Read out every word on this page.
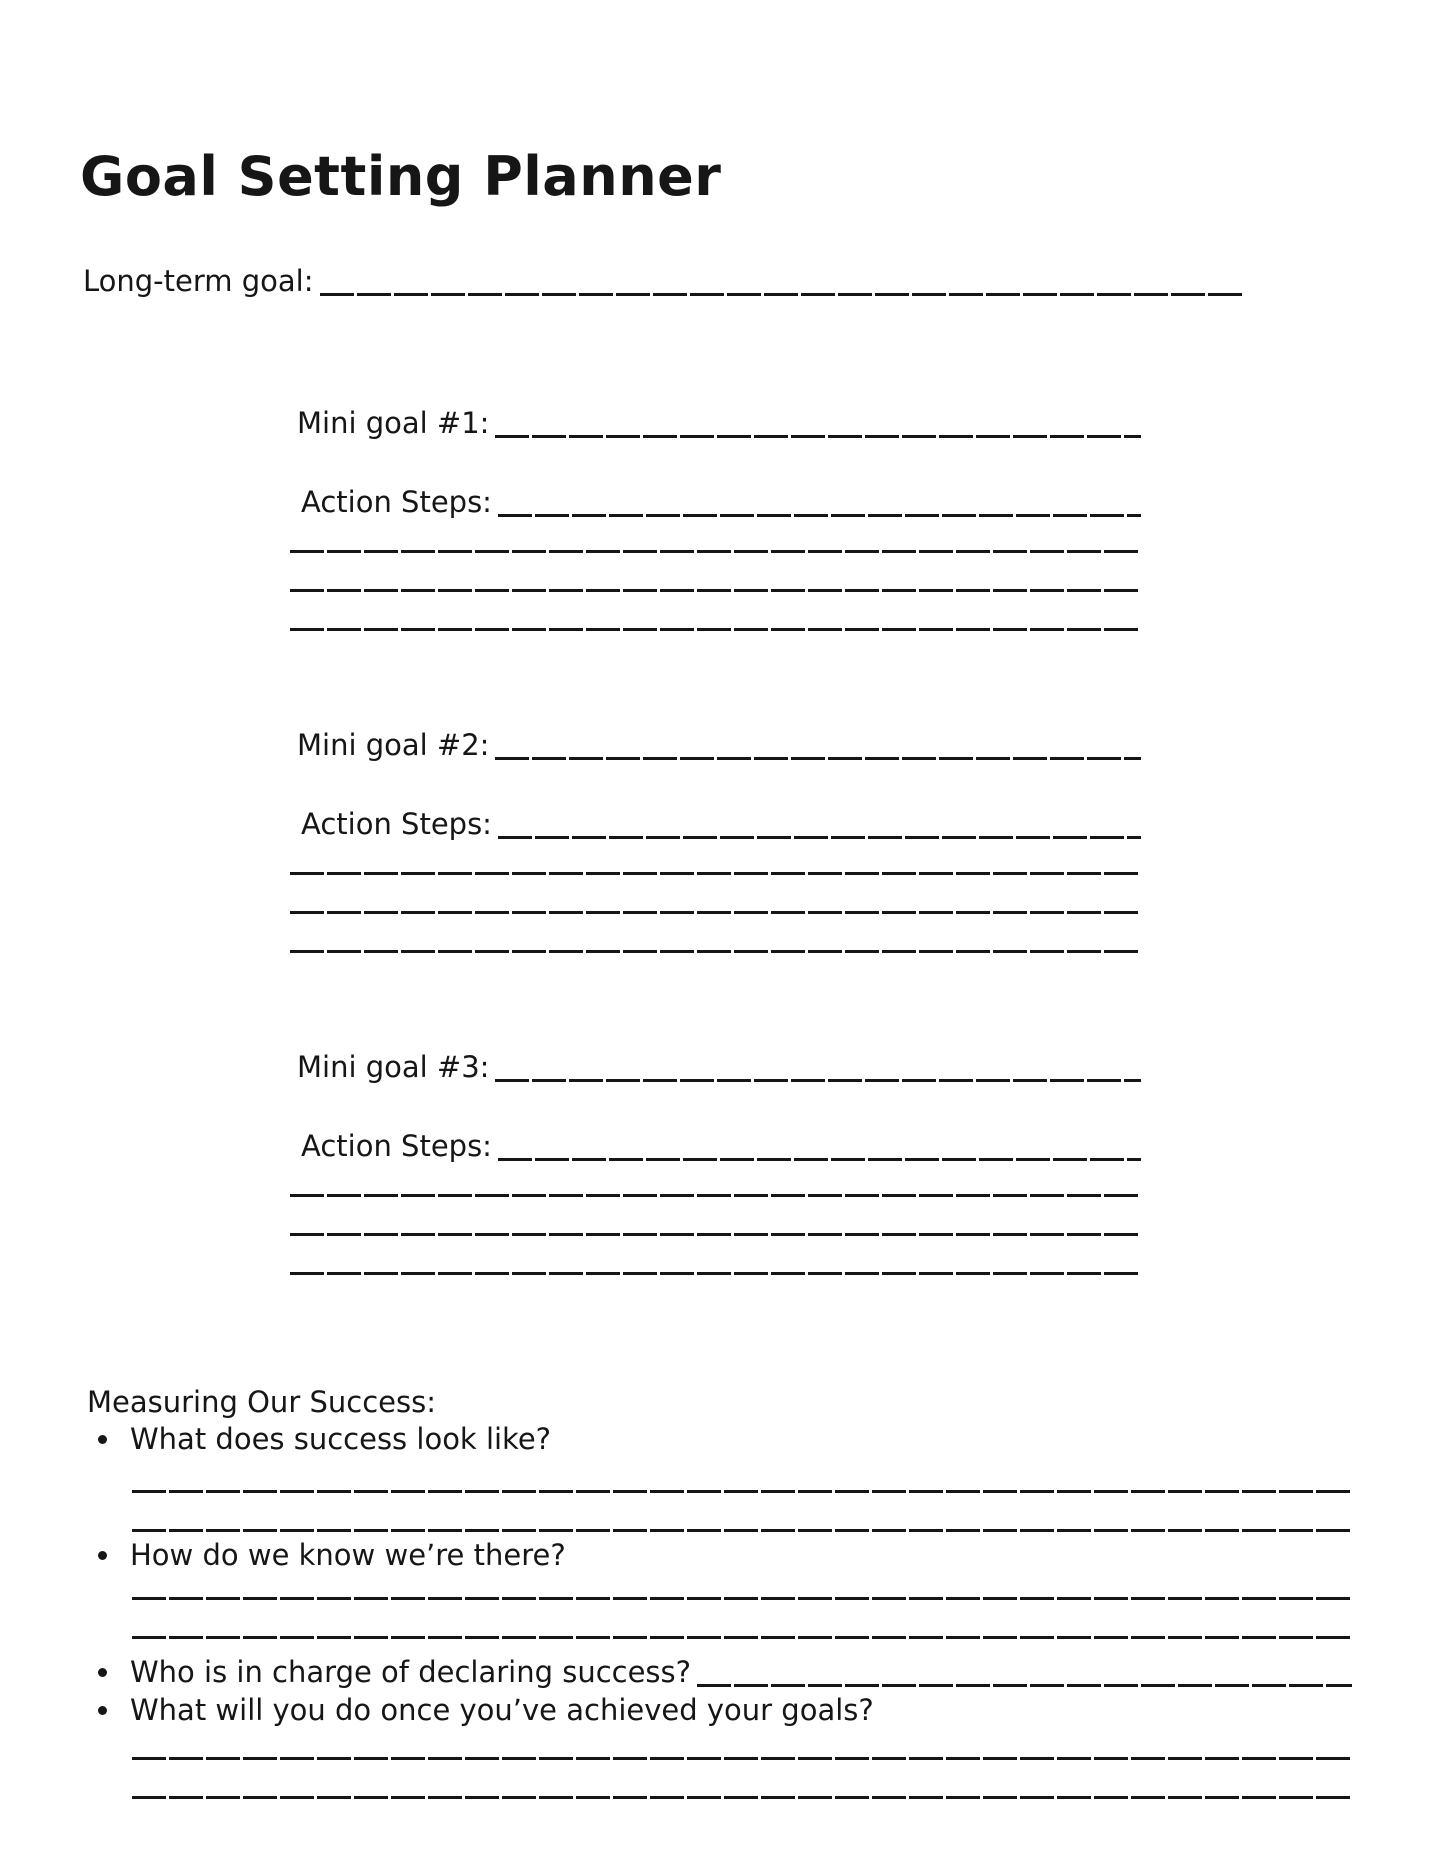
Goal Setting Planner
Long-term goal:
Mini goal #1:
Action Steps:
Mini goal #2:
Action Steps:
Mini goal #3:
Action Steps:
Measuring Our Success:
What does success look like?
How do we know we’re there?
Who is in charge of declaring success?
What will you do once you’ve achieved your goals?
